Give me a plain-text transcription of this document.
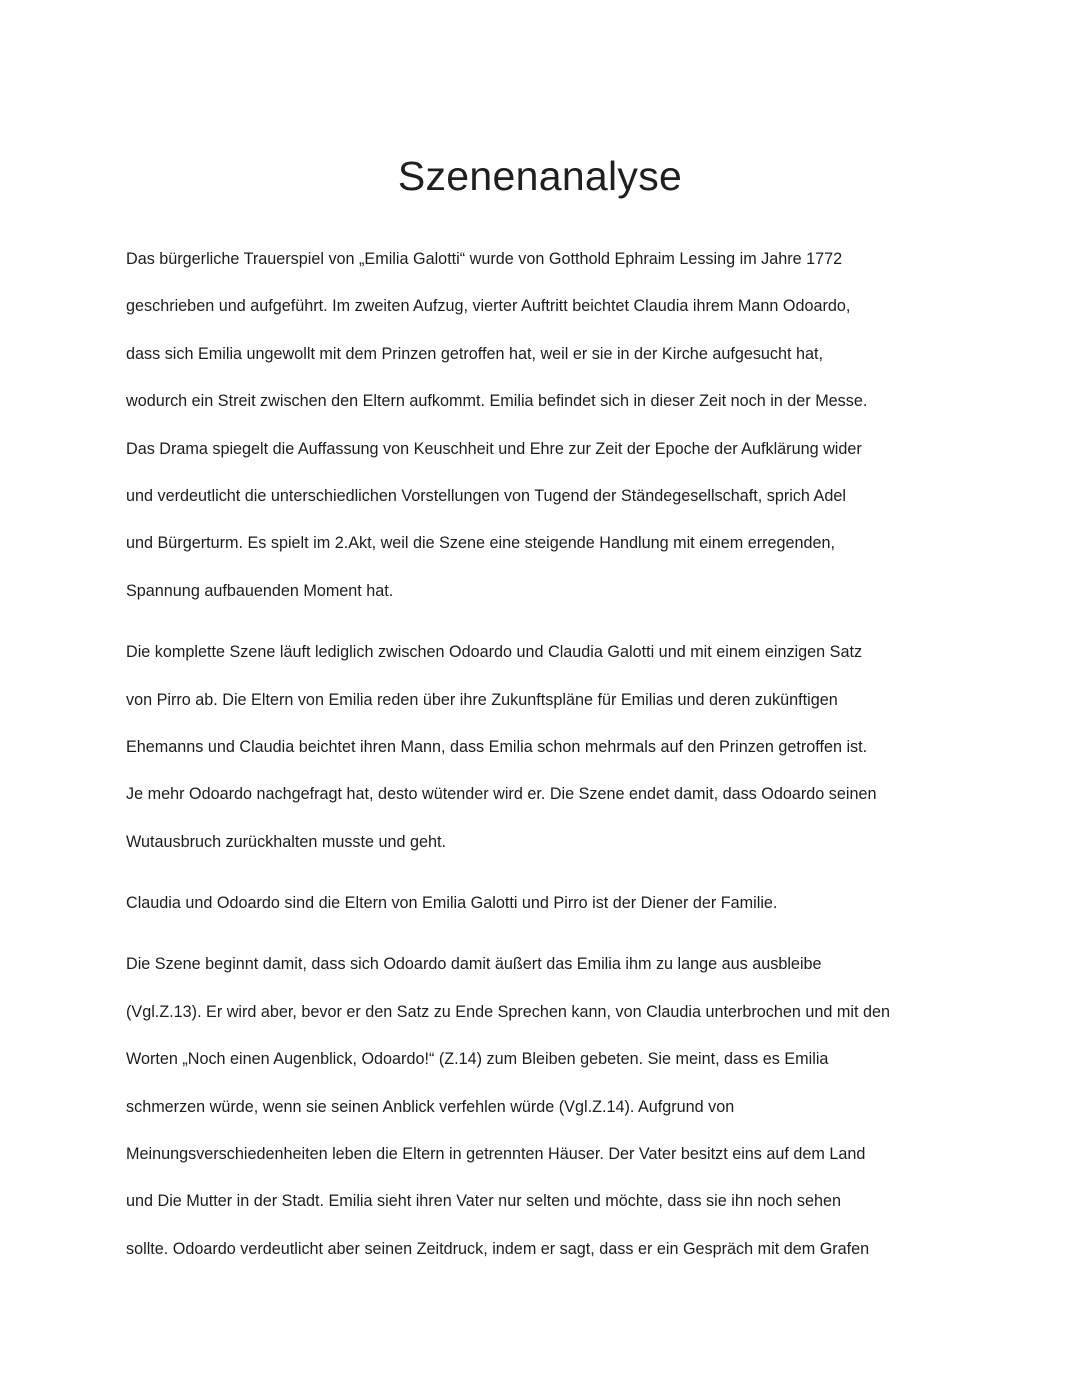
Szenenanalyse
Das bürgerliche Trauerspiel von „Emilia Galotti“ wurde von Gotthold Ephraim Lessing im Jahre 1772
geschrieben und aufgeführt. Im zweiten Aufzug, vierter Auftritt beichtet Claudia ihrem Mann Odoardo,
dass sich Emilia ungewollt mit dem Prinzen getroffen hat, weil er sie in der Kirche aufgesucht hat,
wodurch ein Streit zwischen den Eltern aufkommt. Emilia befindet sich in dieser Zeit noch in der Messe.
Das Drama spiegelt die Auffassung von Keuschheit und Ehre zur Zeit der Epoche der Aufklärung wider
und verdeutlicht die unterschiedlichen Vorstellungen von Tugend der Ständegesellschaft, sprich Adel
und Bürgerturm. Es spielt im 2.Akt, weil die Szene eine steigende Handlung mit einem erregenden,
Spannung aufbauenden Moment hat.
Die komplette Szene läuft lediglich zwischen Odoardo und Claudia Galotti und mit einem einzigen Satz
von Pirro ab. Die Eltern von Emilia reden über ihre Zukunftspläne für Emilias und deren zukünftigen
Ehemanns und Claudia beichtet ihren Mann, dass Emilia schon mehrmals auf den Prinzen getroffen ist.
Je mehr Odoardo nachgefragt hat, desto wütender wird er. Die Szene endet damit, dass Odoardo seinen
Wutausbruch zurückhalten musste und geht.
Claudia und Odoardo sind die Eltern von Emilia Galotti und Pirro ist der Diener der Familie.
Die Szene beginnt damit, dass sich Odoardo damit äußert das Emilia ihm zu lange aus ausbleibe
(Vgl.Z.13). Er wird aber, bevor er den Satz zu Ende Sprechen kann, von Claudia unterbrochen und mit den
Worten „Noch einen Augenblick, Odoardo!“ (Z.14) zum Bleiben gebeten. Sie meint, dass es Emilia
schmerzen würde, wenn sie seinen Anblick verfehlen würde (Vgl.Z.14). Aufgrund von
Meinungsverschiedenheiten leben die Eltern in getrennten Häuser. Der Vater besitzt eins auf dem Land
und Die Mutter in der Stadt. Emilia sieht ihren Vater nur selten und möchte, dass sie ihn noch sehen
sollte. Odoardo verdeutlicht aber seinen Zeitdruck, indem er sagt, dass er ein Gespräch mit dem Grafen
